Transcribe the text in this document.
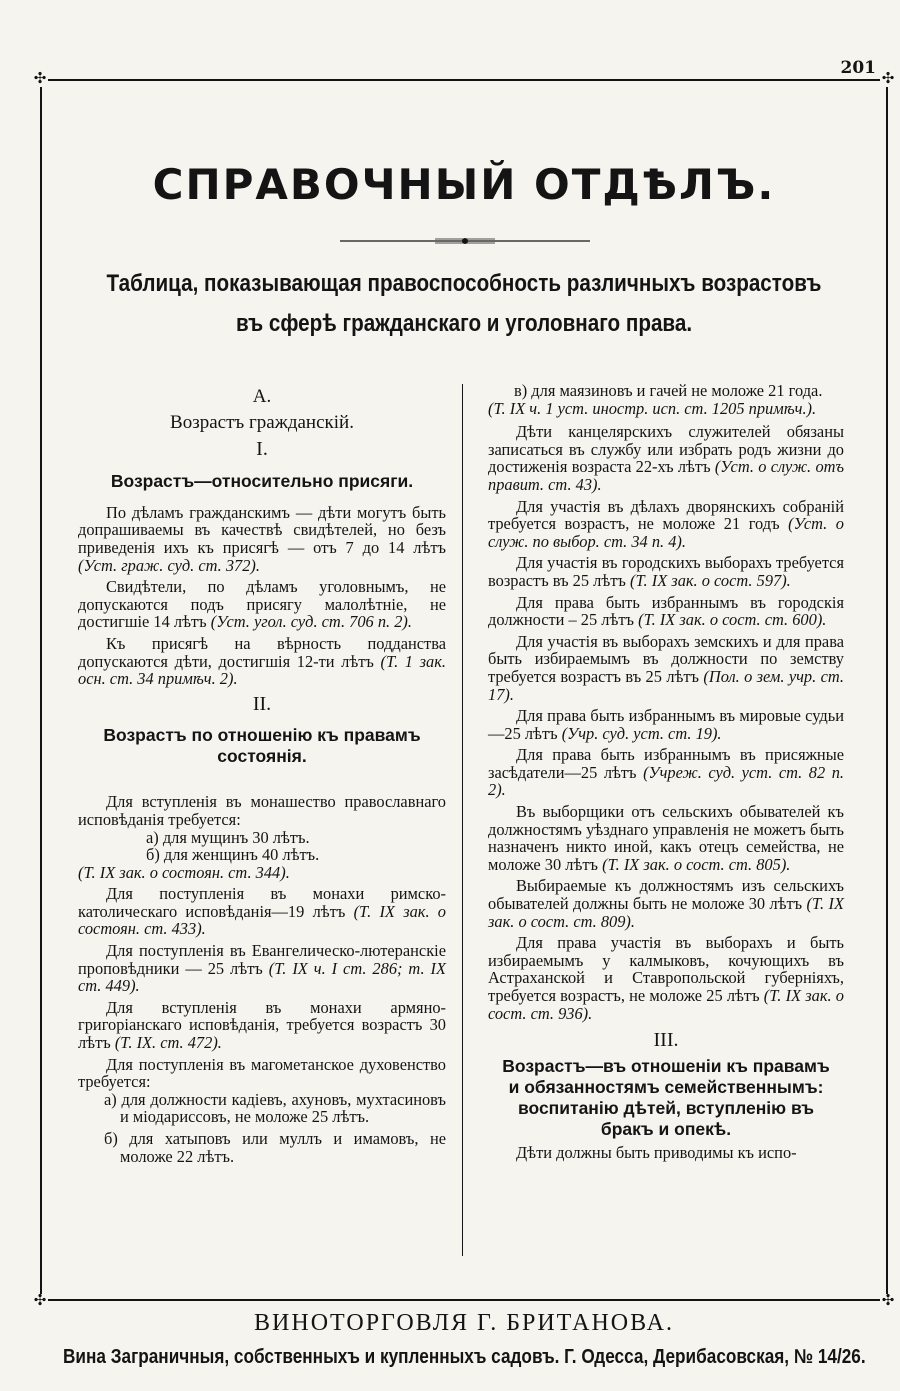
201
✣	✣
✣	✣
СПРАВОЧНЫЙ ОТДѢЛЪ.
Таблица, показывающая правоспособность различныхъ возрастовъ
въ сферѣ гражданскаго и уголовнаго права.
А.
Возрастъ гражданскій.
I.
Возрастъ—относительно присяги.

По дѣламъ гражданскимъ — дѣти могутъ быть допрашиваемы въ качествѣ свидѣтелей, но безъ приведенія ихъ къ присягѣ — отъ 7 до 14 лѣтъ (Уст. граж. суд. ст. 372).

Свидѣтели, по дѣламъ уголовнымъ, не допускаются подъ присягу малолѣтніе, не достигшіе 14 лѣтъ (Уст. угол. суд. ст. 706 п. 2).

Къ присягѣ на вѣрность подданства допускаются дѣти, достигшія 12-ти лѣтъ (Т. 1 зак. осн. ст. 34 примѣч. 2).

II.
Возрастъ по отношенію къ правамъ
состоянія.

Для вступленія въ монашество православнаго исповѣданія требуется:

а) для мущинъ 30 лѣтъ.

б) для женщинъ 40 лѣтъ.

(Т. IX зак. о состоян. ст. 344).

Для поступленія въ монахи римско-католическаго исповѣданія—19 лѣтъ (Т. IX зак. о состоян. ст. 433).

Для поступленія въ Евангелическо-лютеранскіе проповѣдники — 25 лѣтъ (Т. IX ч. I ст. 286; т. IX ст. 449).

Для вступленія въ монахи армяно-григоріанскаго исповѣданія, требуется возрастъ 30 лѣтъ (Т. IX. ст. 472).

Для поступленія въ магометанское духовенство требуется:

а) для должности кадіевъ, ахуновъ, мухтасиновъ и міодариссовъ, не моложе 25 лѣтъ.

б) для хатыповъ или муллъ и имамовъ, не моложе 22 лѣтъ.

в) для маязиновъ и гачей не моложе 21 года.

(Т. IX ч. 1 уст. иностр. исп. ст. 1205 примѣч.).

Дѣти канцелярскихъ служителей обязаны записаться въ службу или избрать родъ жизни до достиженія возраста 22-хъ лѣтъ (Уст. о служ. отъ правит. ст. 43).

Для участія въ дѣлахъ дворянскихъ собраній требуется возрастъ, не моложе 21 годъ (Уст. о служ. по выбор. ст. 34 п. 4).

Для участія въ городскихъ выборахъ требуется возрастъ въ 25 лѣтъ (Т. IX зак. о сост. 597).

Для права быть избраннымъ въ городскія должности – 25 лѣтъ (Т. IX зак. о сост. ст. 600).

Для участія въ выборахъ земскихъ и для права быть избираемымъ въ должности по земству требуется возрастъ въ 25 лѣтъ (Пол. о зем. учр. ст. 17).

Для права быть избраннымъ въ мировые судьи—25 лѣтъ (Учр. суд. уст. ст. 19).

Для права быть избраннымъ въ присяжные засѣдатели—25 лѣтъ (Учреж. суд. уст. ст. 82 п. 2).

Въ выборщики отъ сельскихъ обывателей къ должностямъ уѣзднаго управленія не можетъ быть назначенъ никто иной, какъ отецъ семейства, не моложе 30 лѣтъ (Т. IX зак. о сост. ст. 805).

Выбираемые къ должностямъ изъ сельскихъ обывателей должны быть не моложе 30 лѣтъ (Т. IX зак. о сост. ст. 809).

Для права участія въ выборахъ и быть избираемымъ у калмыковъ, кочующихъ въ Астраханской и Ставропольской губерніяхъ, требуется возрастъ, не моложе 25 лѣтъ (Т. IX зак. о сост. ст. 936).

III.
Возрастъ—въ отношеніи къ правамъ
и обязанностямъ семейственнымъ:
воспитанію дѣтей, вступленію въ
бракъ и опекѣ.

Дѣти должны быть приводимы къ испо-

ВИНОТОРГОВЛЯ Г. БРИТАНОВА.
Вина Заграничныя, собственныхъ и купленныхъ садовъ. Г. Одесса, Дерибасовская, № 14/26.
